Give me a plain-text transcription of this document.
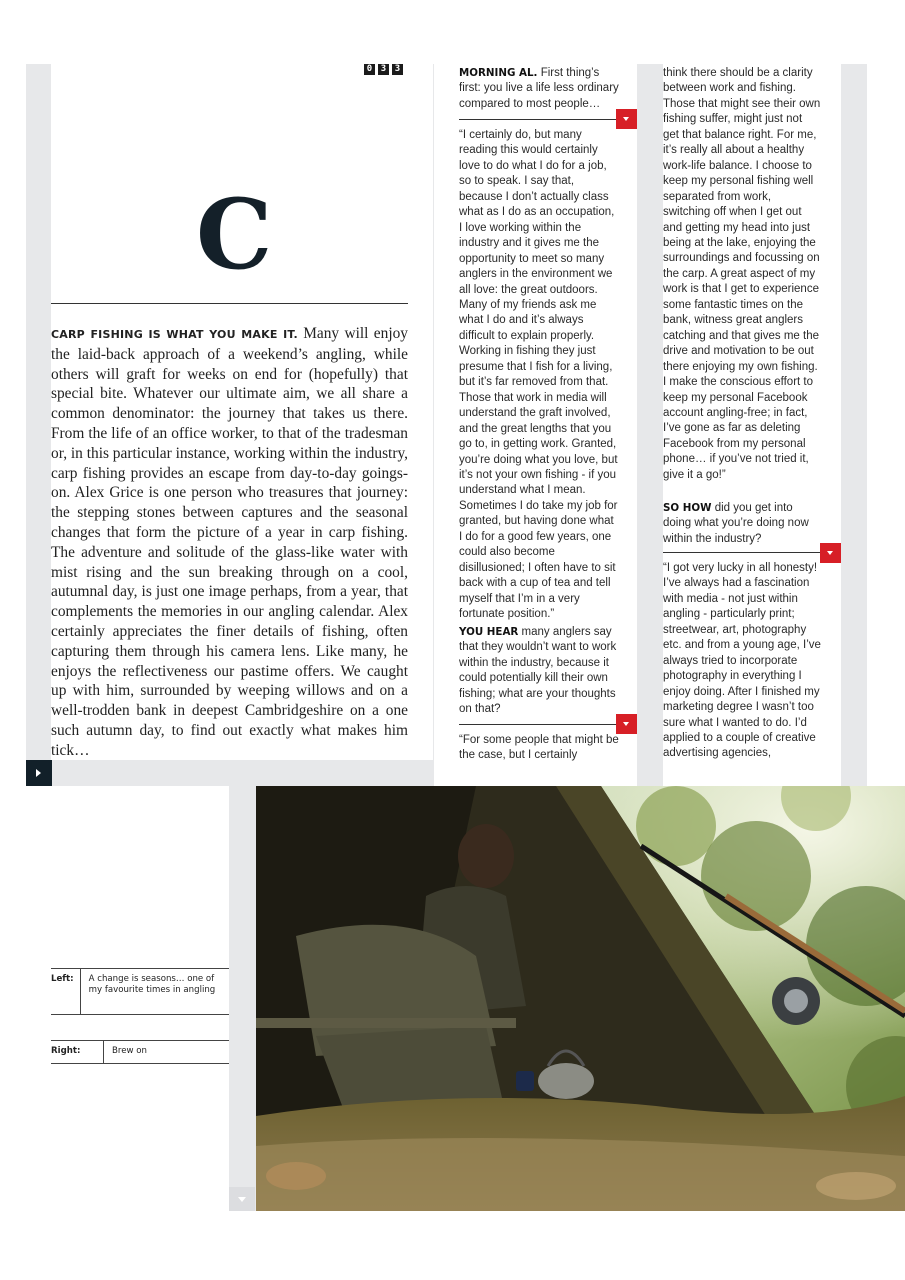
0 3 3
C

CARP FISHING IS WHAT YOU MAKE IT. Many will enjoy the laid-back approach of a weekend’s angling, while others will graft for weeks on end for (hopefully) that special bite. Whatever our ultimate aim, we all share a common denominator: the journey that takes us there. From the life of an office worker, to that of the tradesman or, in this particular instance, working within the industry, carp fishing provides an escape from day-to-day goings-on. Alex Grice is one person who treasures that journey: the stepping stones between captures and the seasonal changes that form the picture of a year in carp fishing. The adventure and solitude of the glass-like water with mist rising and the sun breaking through on a cool, autumnal day, is just one image perhaps, from a year, that complements the memories in our angling calendar. Alex certainly appreciates the finer details of fishing, often capturing them through his camera lens. Like many, he enjoys the reflectiveness our pastime offers. We caught up with him, surrounded by weeping willows and on a well-trodden bank in deepest Cambridgeshire on a one such autumn day, to find out exactly what makes him tick…

MORNING AL. First thing’s first: you live a life less ordinary compared to most people…

“I certainly do, but many reading this would certainly love to do what I do for a job, so to speak. I say that, because I don’t actually class what as I do as an occupation, I love working within the industry and it gives me the opportunity to meet so many anglers in the environment we all love: the great outdoors. Many of my friends ask me what I do and it’s always difficult to explain properly. Working in fishing they just presume that I fish for a living, but it’s far removed from that. Those that work in media will understand the graft involved, and the great lengths that you go to, in getting work. Granted, you’re doing what you love, but it’s not your own fishing - if you understand what I mean. Sometimes I do take my job for granted, but having done what I do for a good few years, one could also become disillusioned; I often have to sit back with a cup of tea and tell myself that I’m in a very fortunate position.”

YOU HEAR many anglers say that they wouldn’t want to work within the industry, because it could potentially kill their own fishing; what are your thoughts on that?

“For some people that might be the case, but I certainly

think there should be a clarity between work and fishing. Those that might see their own fishing suffer, might just not get that balance right. For me, it’s really all about a healthy work-life balance. I choose to keep my personal fishing well separated from work, switching off when I get out and getting my head into just being at the lake, enjoying the surroundings and focussing on the carp. A great aspect of my work is that I get to experience some fantastic times on the bank, witness great anglers catching and that gives me the drive and motivation to be out there enjoying my own fishing. I make the conscious effort to keep my personal Facebook account angling-free; in fact, I’ve gone as far as deleting Facebook from my personal phone… if you’ve not tried it, give it a go!”

SO HOW did you get into doing what you’re doing now within the industry?

“I got very lucky in all honesty! I’ve always had a fascination with media - not just within angling - particularly print; streetwear, art, photography etc. and from a young age, I’ve always tried to incorporate photography in everything I enjoy doing. After I finished my marketing degree I wasn’t too sure what I wanted to do. I’d applied to a couple of creative advertising agencies,

Left:	A change is seasons… one of my favourite times in angling
Right:	Brew on
